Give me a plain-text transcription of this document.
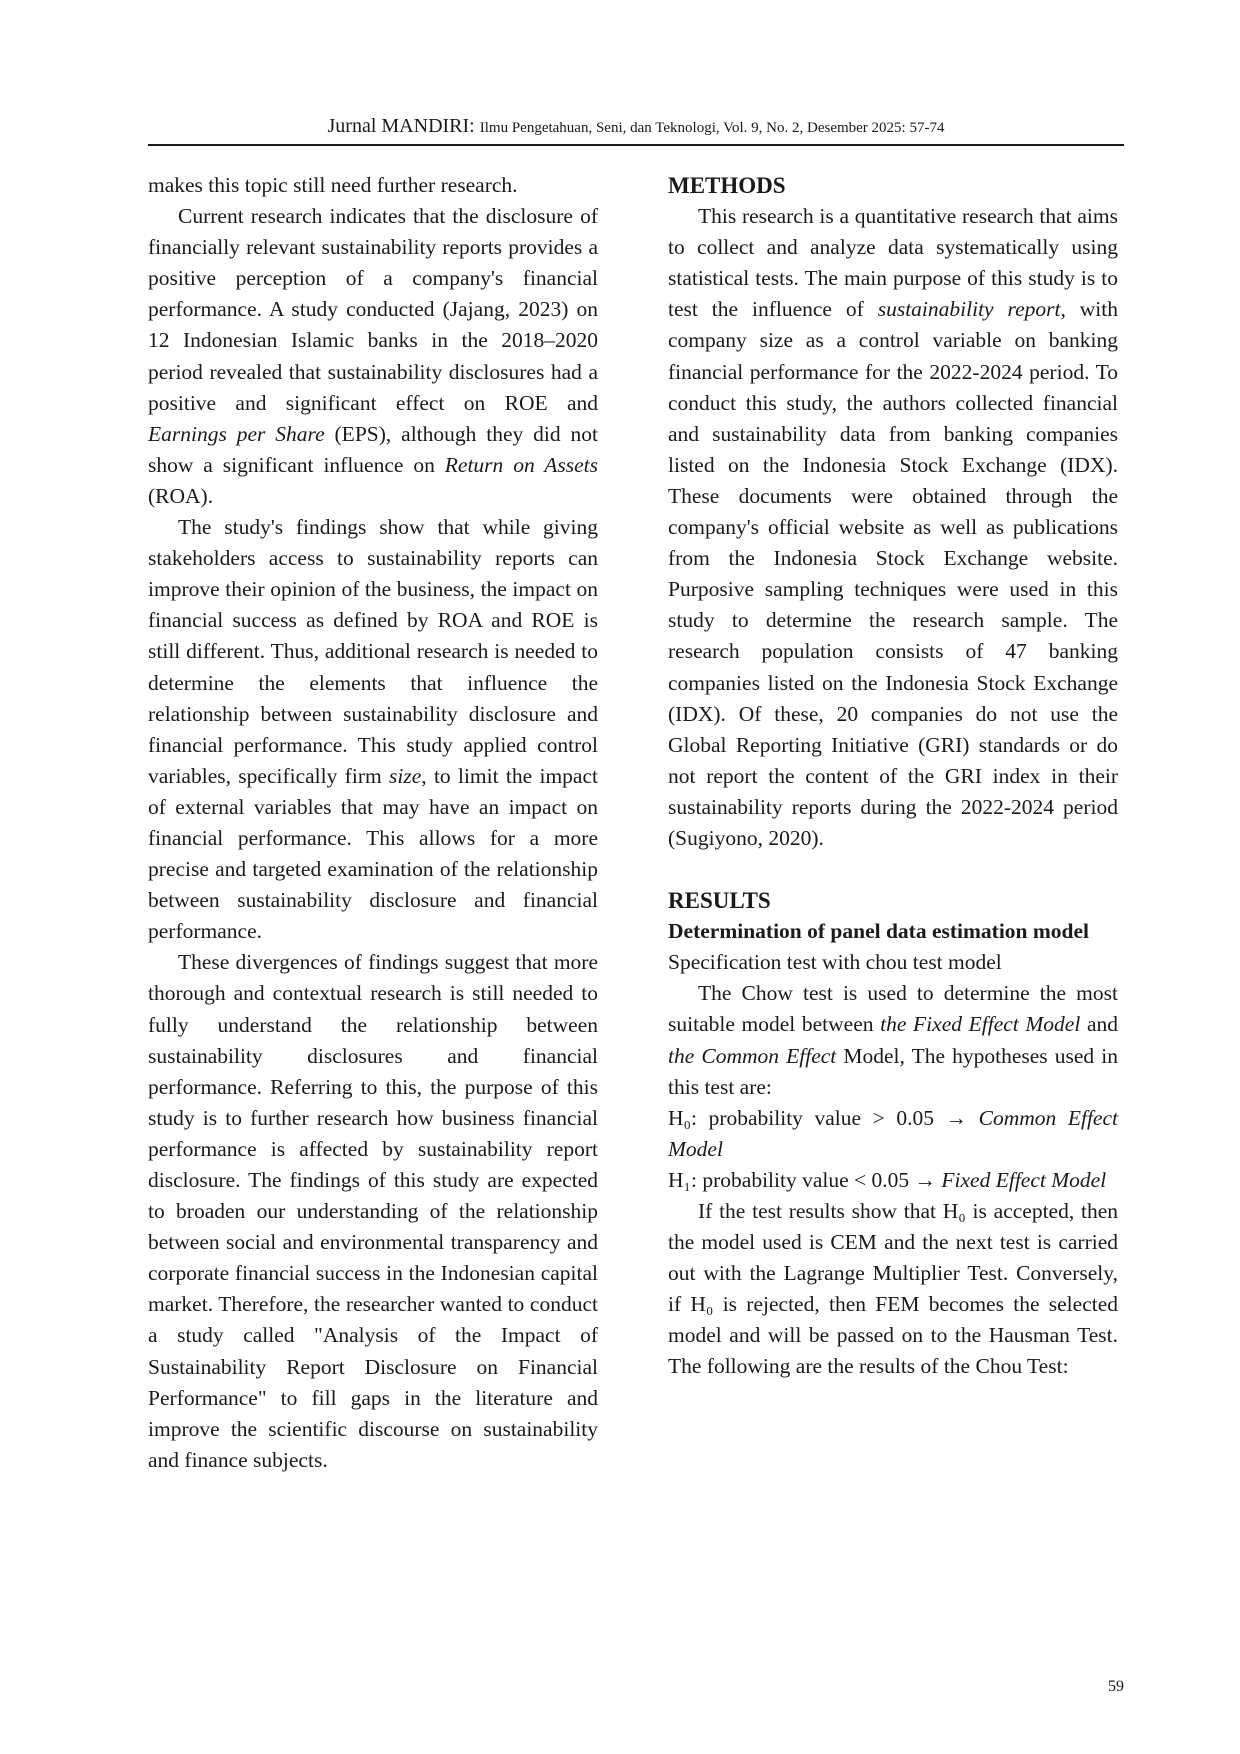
Jurnal MANDIRI: Ilmu Pengetahuan, Seni, dan Teknologi, Vol. 9, No. 2, Desember 2025: 57-74

makes this topic still need further research.

Current research indicates that the disclosure of financially relevant sustainability reports provides a positive perception of a company's financial performance. A study conducted (Jajang, 2023) on 12 Indonesian Islamic banks in the 2018–2020 period revealed that sustainability disclosures had a positive and significant effect on ROE and Earnings per Share (EPS), although they did not show a significant influence on Return on Assets (ROA).

The study's findings show that while giving stakeholders access to sustainability reports can improve their opinion of the business, the impact on financial success as defined by ROA and ROE is still different. Thus, additional research is needed to determine the elements that influence the relationship between sustainability disclosure and financial performance. This study applied control variables, specifically firm size, to limit the impact of external variables that may have an impact on financial performance. This allows for a more precise and targeted examination of the relationship between sustainability disclosure and financial performance.

These divergences of findings suggest that more thorough and contextual research is still needed to fully understand the relationship between sustainability disclosures and financial performance. Referring to this, the purpose of this study is to further research how business financial performance is affected by sustainability report disclosure. The findings of this study are expected to broaden our understanding of the relationship between social and environmental transparency and corporate financial success in the Indonesian capital market. Therefore, the researcher wanted to conduct a study called "Analysis of the Impact of Sustainability Report Disclosure on Financial Performance" to fill gaps in the literature and improve the scientific discourse on sustainability and finance subjects.

METHODS

This research is a quantitative research that aims to collect and analyze data systematically using statistical tests. The main purpose of this study is to test the influence of sustainability report, with company size as a control variable on banking financial performance for the 2022-2024 period. To conduct this study, the authors collected financial and sustainability data from banking companies listed on the Indonesia Stock Exchange (IDX). These documents were obtained through the company's official website as well as publications from the Indonesia Stock Exchange website. Purposive sampling techniques were used in this study to determine the research sample. The research population consists of 47 banking companies listed on the Indonesia Stock Exchange (IDX). Of these, 20 companies do not use the Global Reporting Initiative (GRI) standards or do not report the content of the GRI index in their sustainability reports during the 2022-2024 period (Sugiyono, 2020).

RESULTS
Determination of panel data estimation model

Specification test with chou test model

The Chow test is used to determine the most suitable model between the Fixed Effect Model and the Common Effect Model, The hypotheses used in this test are:

H₀: probability value > 0.05 → Common Effect Model

H₁: probability value < 0.05 → Fixed Effect Model

If the test results show that H₀ is accepted, then the model used is CEM and the next test is carried out with the Lagrange Multiplier Test. Conversely, if H₀ is rejected, then FEM becomes the selected model and will be passed on to the Hausman Test. The following are the results of the Chou Test:

59
